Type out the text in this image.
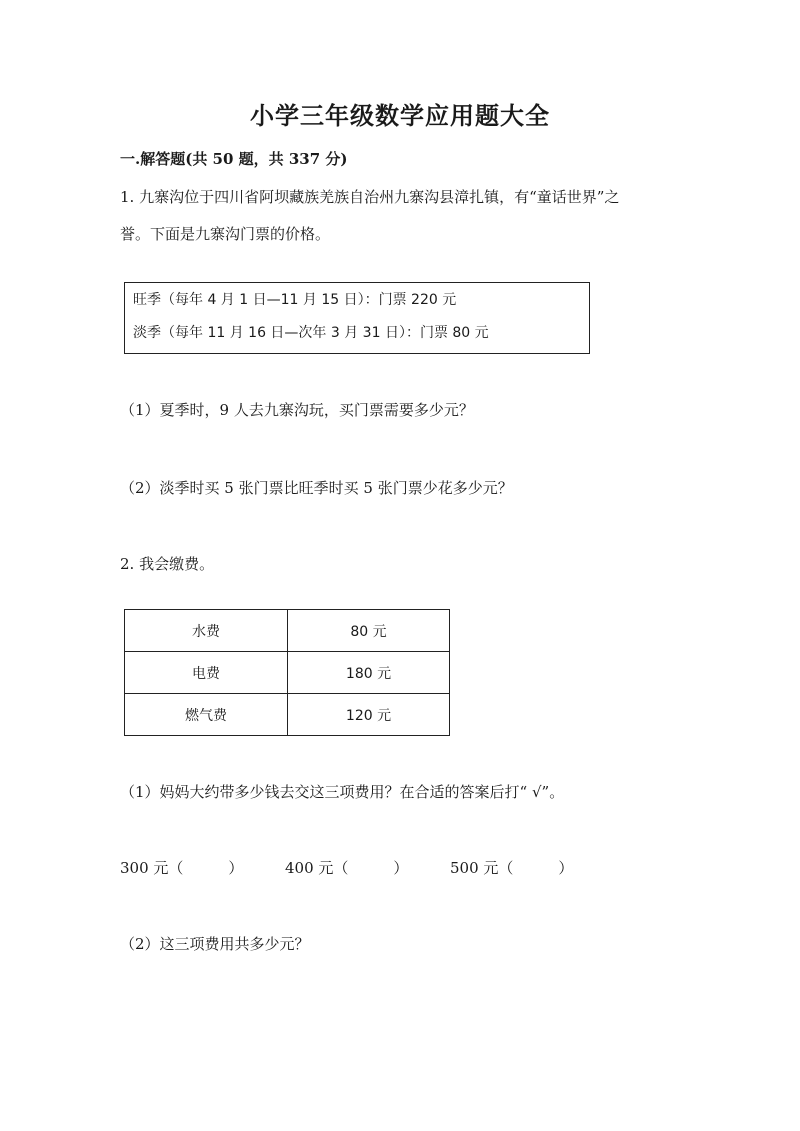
小学三年级数学应用题大全
一.解答题(共 50 题，共 337 分)
1. 九寨沟位于四川省阿坝藏族羌族自治州九寨沟县漳扎镇，有“童话世界”之
誉。下面是九寨沟门票的价格。
旺季（每年 4 月 1 日—11 月 15 日）：门票 220 元
淡季（每年 11 月 16 日—次年 3 月 31 日）：门票 80 元
（1）夏季时，9 人去九寨沟玩，买门票需要多少元？
（2）淡季时买 5 张门票比旺季时买 5 张门票少花多少元？
2. 我会缴费。
水费	80 元
电费	180 元
燃气费	120 元
（1）妈妈大约带多少钱去交这三项费用？在合适的答案后打“ √”。
300 元（　　　）	400 元（　　　）	500 元（　　　）
（2）这三项费用共多少元？
